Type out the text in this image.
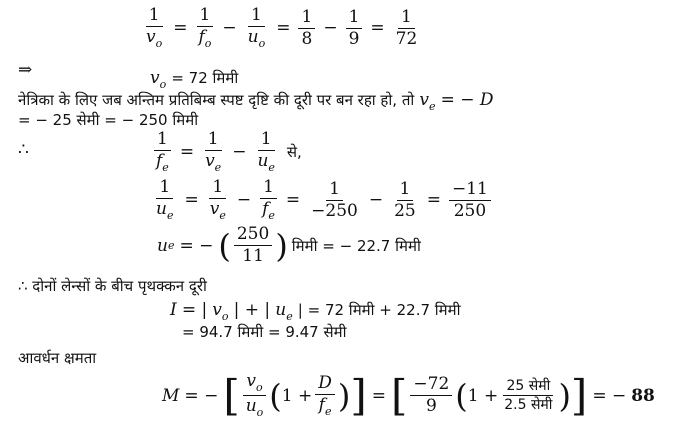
$\frac{1}{v_o} = \frac{1}{f_o} - \frac{1}{u_o} = \frac{1}{8} - \frac{1}{9} = \frac{1}{72}$
⇒	$v_o = 72$ मिमी
नेत्रिका के लिए जब अन्तिम प्रतिबिम्ब स्पष्ट दृष्टि की दूरी पर बन रहा हो, तो $v_e$ = − D
= − 25 सेमी = − 250 मिमी
∴	$\frac{1}{f_e} = \frac{1}{v_e} - \frac{1}{u_e}$ से,
$\frac{1}{u_e} = \frac{1}{v_e} - \frac{1}{f_e} = \frac{1}{-250} - \frac{1}{25} = \frac{-11}{250}$
u e = − ( $\frac{250}{11}$ ) मिमी = − 22.7 मिमी
∴ दोनों लेन्सों के बीच पृथक्कन दूरी
I = | $v_o$ | + | $u_e$ | = 72 मिमी + 22.7 मिमी
= 94.7 मिमी = 9.47 सेमी
आवर्धन क्षमता
M = − [ $\frac{v_o}{u_o}$ ( $1 + \frac{D}{f_e}$ ) ] = [ $\frac{-72}{9}$ ( $1 + \frac{\text{25 सेमी}}{\text{2.5 सेमी}}$ ) ] = − 88
